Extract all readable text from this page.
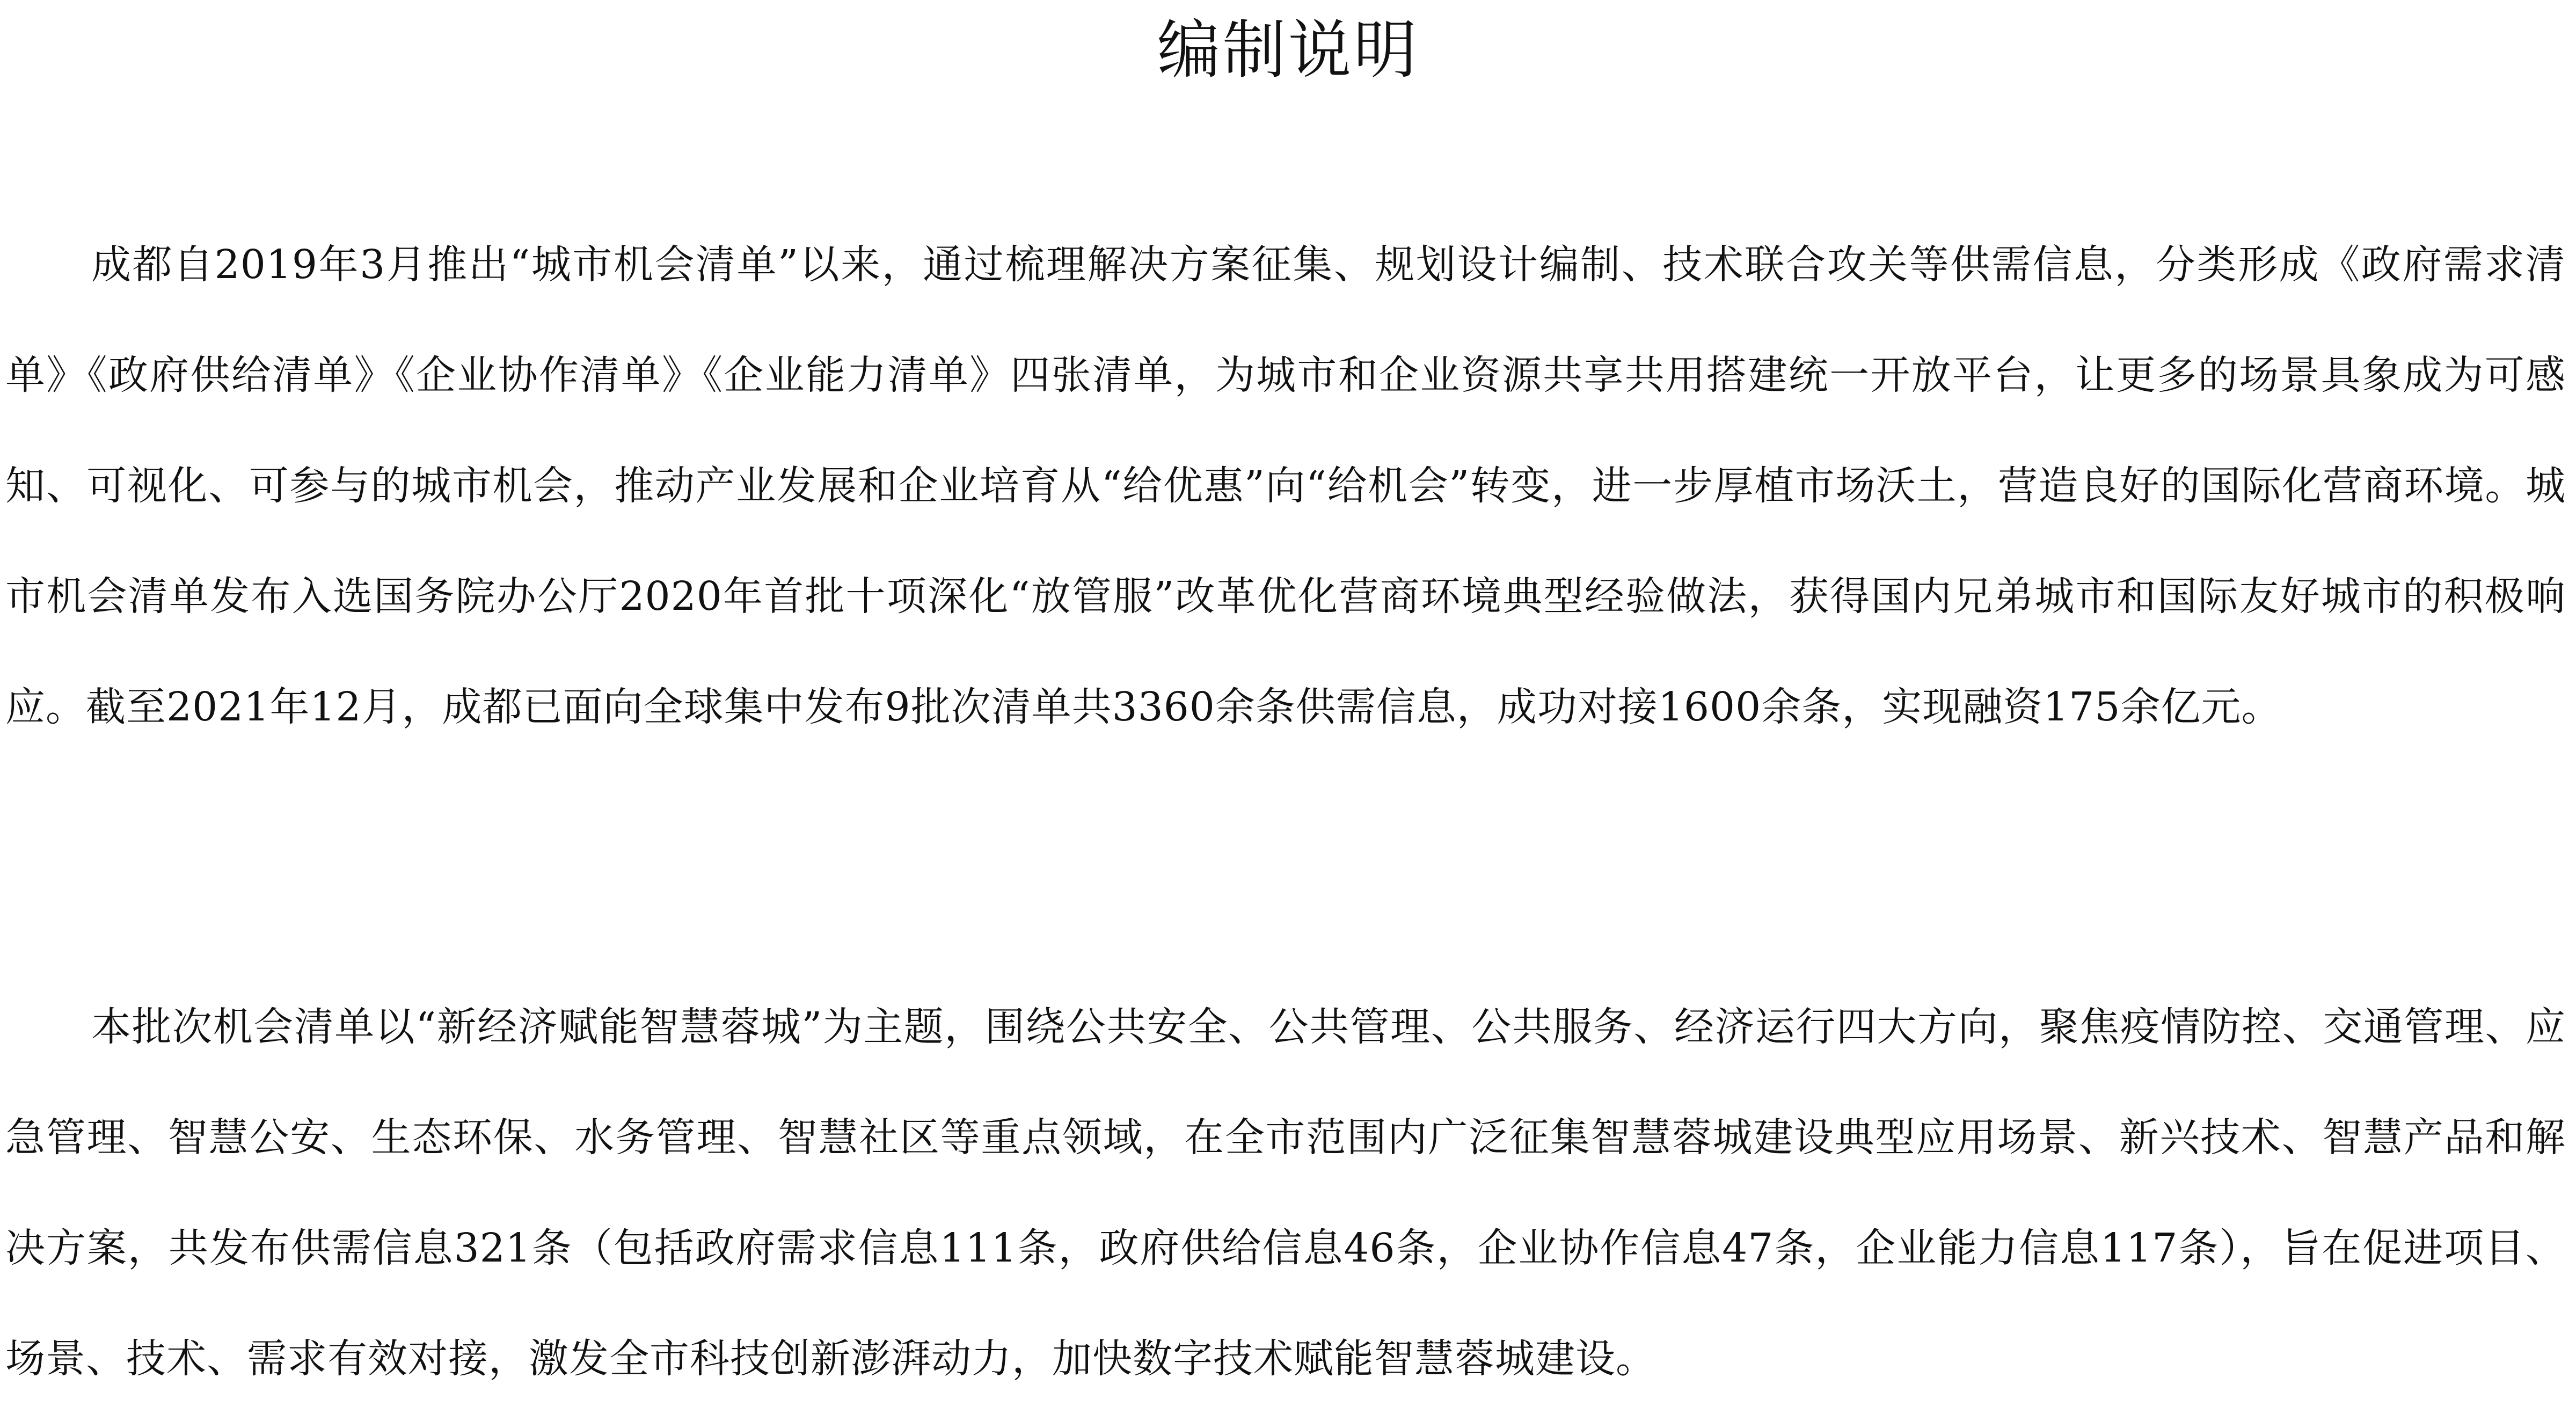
编制说明

成都自2019年3月推出“城市机会清单”以来，通过梳理解决方案征集、规划设计编制、技术联合攻关等供需信息，分类形成《政府需求清单》《政府供给清单》《企业协作清单》《企业能力清单》四张清单，为城市和企业资源共享共用搭建统一开放平台，让更多的场景具象成为可感知、可视化、可参与的城市机会，推动产业发展和企业培育从“给优惠”向“给机会”转变，进一步厚植市场沃土，营造良好的国际化营商环境。城市机会清单发布入选国务院办公厅2020年首批十项深化“放管服”改革优化营商环境典型经验做法，获得国内兄弟城市和国际友好城市的积极响应。截至2021年12月，成都已面向全球集中发布9批次清单共3360余条供需信息，成功对接1600余条，实现融资175余亿元。

本批次机会清单以“新经济赋能智慧蓉城”为主题，围绕公共安全、公共管理、公共服务、经济运行四大方向，聚焦疫情防控、交通管理、应急管理、智慧公安、生态环保、水务管理、智慧社区等重点领域，在全市范围内广泛征集智慧蓉城建设典型应用场景、新兴技术、智慧产品和解决方案，共发布供需信息321条（包括政府需求信息111条，政府供给信息46条，企业协作信息47条，企业能力信息117条），旨在促进项目、场景、技术、需求有效对接，激发全市科技创新澎湃动力，加快数字技术赋能智慧蓉城建设。
